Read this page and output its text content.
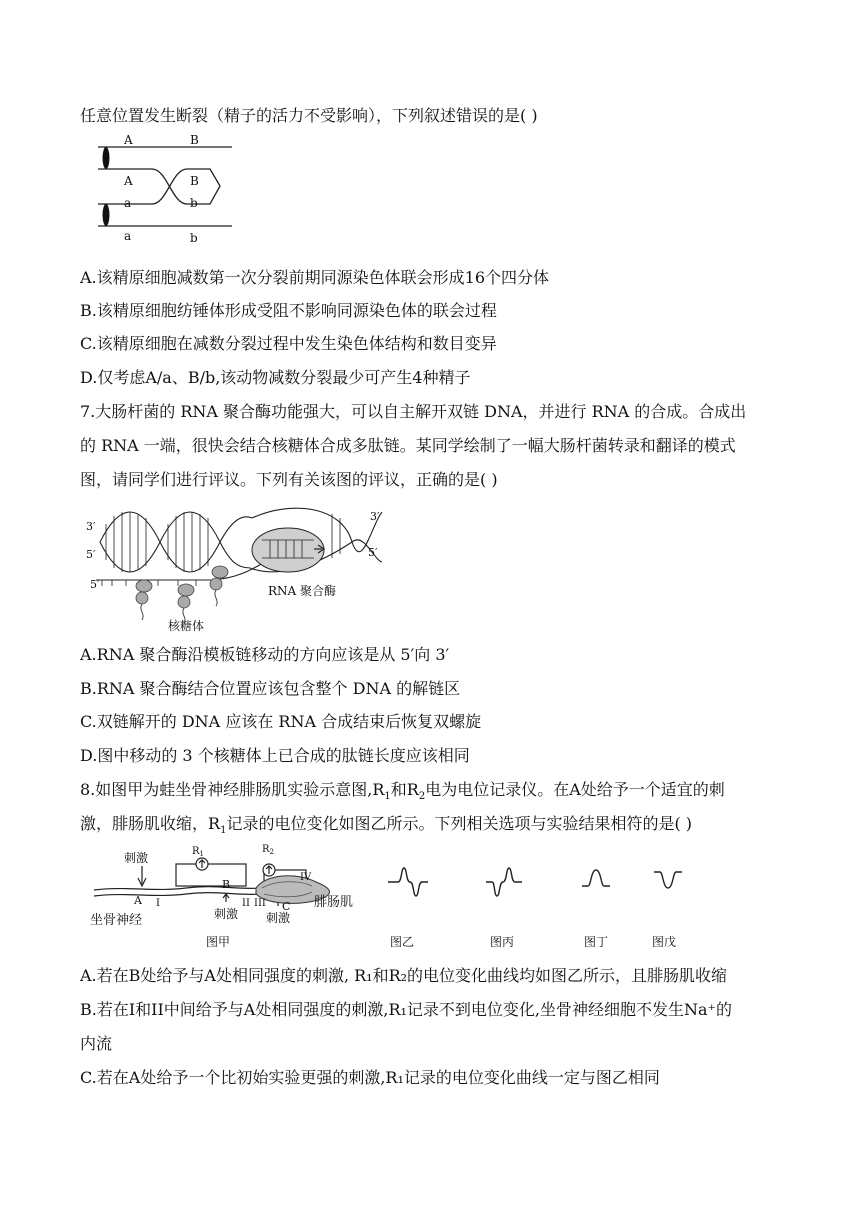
任意位置发生断裂（精子的活力不受影响），下列叙述错误的是( )
A	B
A	B
a	b
a	b
A.该精原细胞减数第一次分裂前期同源染色体联会形成16个四分体
B.该精原细胞纺锤体形成受阻不影响同源染色体的联会过程
C.该精原细胞在减数分裂过程中发生染色体结构和数目变异
D.仅考虑A/a、B/b,该动物减数分裂最少可产生4种精子
7.大肠杆菌的 RNA 聚合酶功能强大，可以自主解开双链 DNA，并进行 RNA 的合成。合成出
的 RNA 一端，很快会结合核糖体合成多肽链。某同学绘制了一幅大肠杆菌转录和翻译的模式
图，请同学们进行评议。下列有关该图的评议，正确的是( )
3′
5′
3′
5′
5′	RNA 聚合酶
核糖体
A.RNA 聚合酶沿模板链移动的方向应该是从 5′向 3′
B.RNA 聚合酶结合位置应该包含整个 DNA 的解链区
C.双链解开的 DNA 应该在 RNA 合成结束后恢复双螺旋
D.图中移动的 3 个核糖体上已合成的肽链长度应该相同
8.如图甲为蛙坐骨神经腓肠肌实验示意图$,R_1$和$R_2$电为电位记录仪。在A处给予一个适宜的刺
激，腓肠肌收缩，$R_1$记录的电位变化如图乙所示。下列相关选项与实验结果相符的是( )
刺激	$R_1$	$R_2$
A
B
C
I	II III
IV
刺激 刺激
坐骨神经
腓肠肌
图甲	图乙	图丙	图丁	图戊
A.若在B处给予与A处相同强度的刺激, R₁和R₂的电位变化曲线均如图乙所示，且腓肠肌收缩
B.若在I和II中间给予与A处相同强度的刺激,R₁记录不到电位变化,坐骨神经细胞不发生Na⁺的
内流
C.若在A处给予一个比初始实验更强的刺激,R₁记录的电位变化曲线一定与图乙相同
